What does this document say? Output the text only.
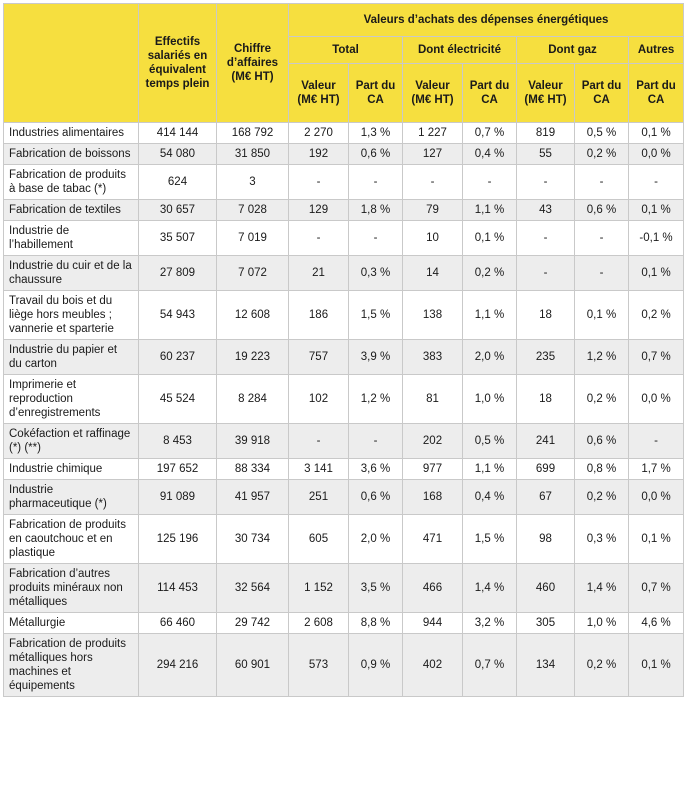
	Effectifs salariés en équivalent temps plein	Chiffre d’affaires (M€ HT)	Valeurs d’achats des dépenses énergétiques						
			Total		Dont électricité		Dont gaz		Autres
			Valeur (M€ HT)	Part du CA	Valeur (M€ HT)	Part du CA	Valeur (M€ HT)	Part du CA	Part du CA
Industries alimentaires	414 144	168 792	2 270	1,3 %	1 227	0,7 %	819	0,5 %	0,1 %
Fabrication de boissons	54 080	31 850	192	0,6 %	127	0,4 %	55	0,2 %	0,0 %
Fabrication de produits à base de tabac (*)	624	3	-	-	-	-	-	-	-
Fabrication de textiles	30 657	7 028	129	1,8 %	79	1,1 %	43	0,6 %	0,1 %
Industrie de l’habillement	35 507	7 019	-	-	10	0,1 %	-	-	-0,1 %
Industrie du cuir et de la chaussure	27 809	7 072	21	0,3 %	14	0,2 %	-	-	0,1 %
Travail du bois et du liège hors meubles ; vannerie et sparterie	54 943	12 608	186	1,5 %	138	1,1 %	18	0,1 %	0,2 %
Industrie du papier et du carton	60 237	19 223	757	3,9 %	383	2,0 %	235	1,2 %	0,7 %
Imprimerie et reproduction d’enregistrements	45 524	8 284	102	1,2 %	81	1,0 %	18	0,2 %	0,0 %
Cokéfaction et raffinage (*) (**)	8 453	39 918	-	-	202	0,5 %	241	0,6 %	-
Industrie chimique	197 652	88 334	3 141	3,6 %	977	1,1 %	699	0,8 %	1,7 %
Industrie pharmaceutique (*)	91 089	41 957	251	0,6 %	168	0,4 %	67	0,2 %	0,0 %
Fabrication de produits en caoutchouc et en plastique	125 196	30 734	605	2,0 %	471	1,5 %	98	0,3 %	0,1 %
Fabrication d’autres produits minéraux non métalliques	114 453	32 564	1 152	3,5 %	466	1,4 %	460	1,4 %	0,7 %
Métallurgie	66 460	29 742	2 608	8,8 %	944	3,2 %	305	1,0 %	4,6 %
Fabrication de produits métalliques hors machines et équipements	294 216	60 901	573	0,9 %	402	0,7 %	134	0,2 %	0,1 %
